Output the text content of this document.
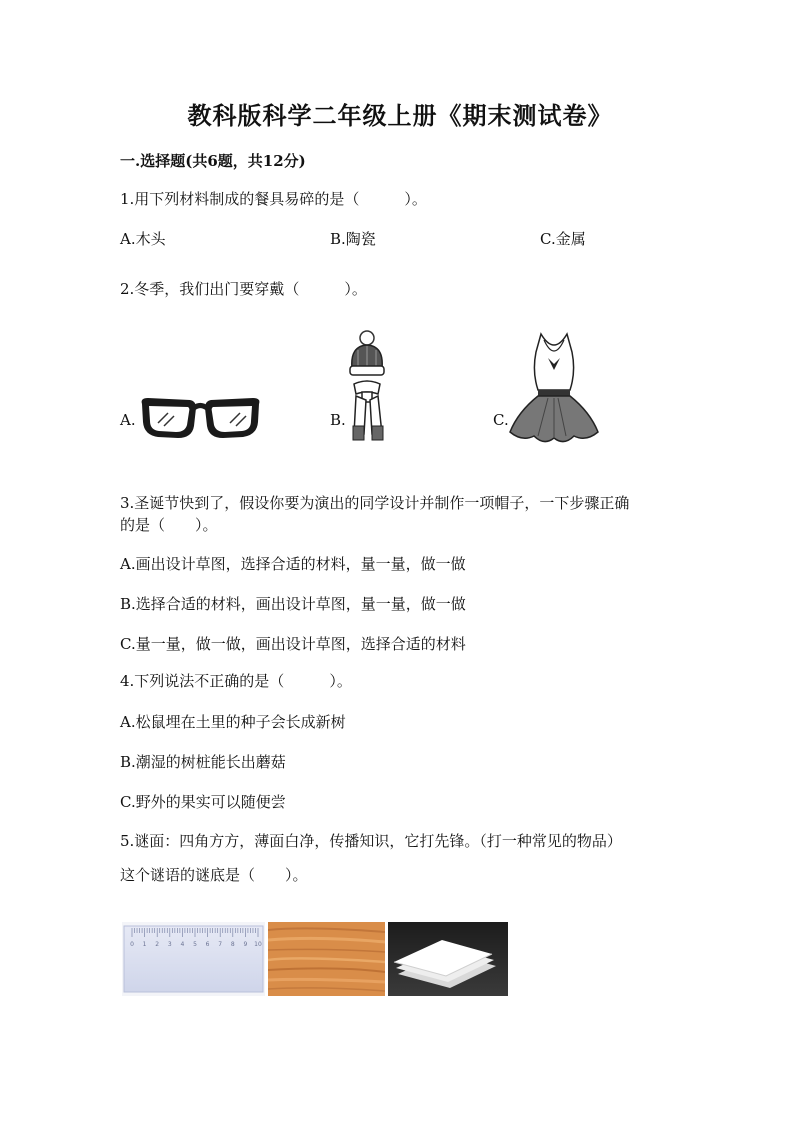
教科版科学二年级上册《期末测试卷》
一.选择题(共6题，共12分)
1.用下列材料制成的餐具易碎的是（　　　）。
A.木头	B.陶瓷	C.金属
2.冬季，我们出门要穿戴（　　　）。
A.	B.	C.
3.圣诞节快到了，假设你要为演出的同学设计并制作一项帽子，一下步骤正确
的是（　　）。
A.画出设计草图，选择合适的材料，量一量，做一做
B.选择合适的材料，画出设计草图，量一量，做一做
C.量一量，做一做，画出设计草图，选择合适的材料
4.下列说法不正确的是（　　　）。
A.松鼠埋在土里的种子会长成新树
B.潮湿的树桩能长出蘑菇
C.野外的果实可以随便尝
5.谜面：四角方方，薄面白净，传播知识，它打先锋。（打一种常见的物品）
这个谜语的谜底是（　　）。
0 1 2 3 4 5 6 7 8 9 10
